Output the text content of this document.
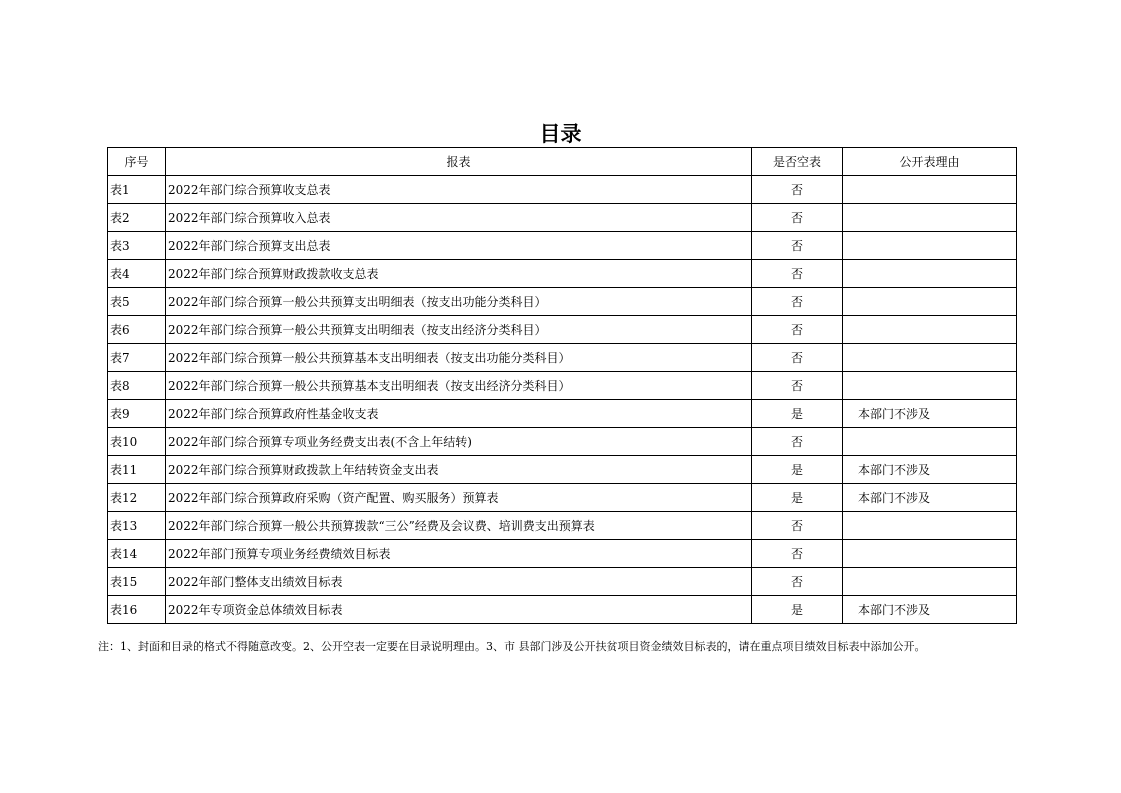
目录
序号	报表	是否空表	公开表理由
表1	2022年部门综合预算收支总表	否	
表2	2022年部门综合预算收入总表	否	
表3	2022年部门综合预算支出总表	否	
表4	2022年部门综合预算财政拨款收支总表	否	
表5	2022年部门综合预算一般公共预算支出明细表（按支出功能分类科目）	否	
表6	2022年部门综合预算一般公共预算支出明细表（按支出经济分类科目）	否	
表7	2022年部门综合预算一般公共预算基本支出明细表（按支出功能分类科目）	否	
表8	2022年部门综合预算一般公共预算基本支出明细表（按支出经济分类科目）	否	
表9	2022年部门综合预算政府性基金收支表	是	本部门不涉及
表10	2022年部门综合预算专项业务经费支出表(不含上年结转)	否	
表11	2022年部门综合预算财政拨款上年结转资金支出表	是	本部门不涉及
表12	2022年部门综合预算政府采购（资产配置、购买服务）预算表	是	本部门不涉及
表13	2022年部门综合预算一般公共预算拨款“三公”经费及会议费、培训费支出预算表	否	
表14	2022年部门预算专项业务经费绩效目标表	否	
表15	2022年部门整体支出绩效目标表	否	
表16	2022年专项资金总体绩效目标表	是	本部门不涉及
注：1、封面和目录的格式不得随意改变。2、公开空表一定要在目录说明理由。3、市 县部门涉及公开扶贫项目资金绩效目标表的，请在重点项目绩效目标表中添加公开。
